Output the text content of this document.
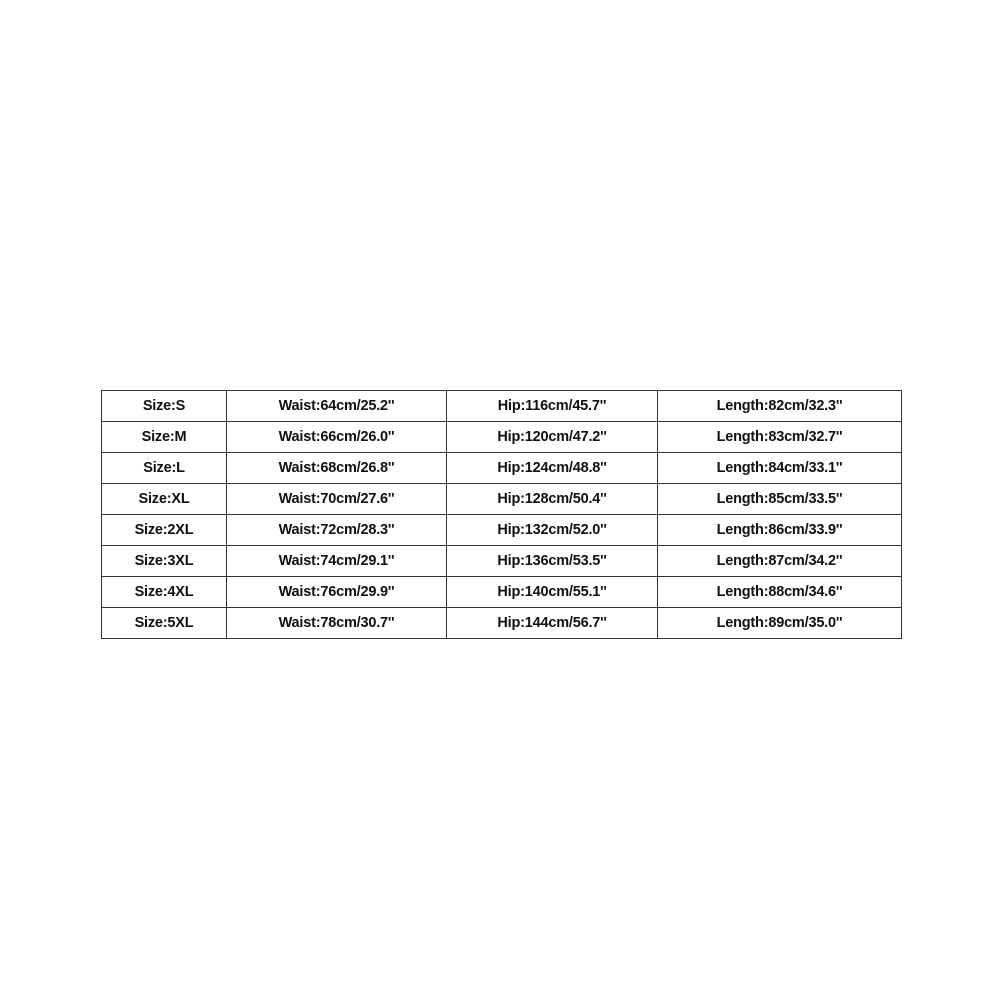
Size:S	Waist:64cm/25.2''	Hip:116cm/45.7''	Length:82cm/32.3''
Size:M	Waist:66cm/26.0''	Hip:120cm/47.2''	Length:83cm/32.7''
Size:L	Waist:68cm/26.8''	Hip:124cm/48.8''	Length:84cm/33.1''
Size:XL	Waist:70cm/27.6''	Hip:128cm/50.4''	Length:85cm/33.5''
Size:2XL	Waist:72cm/28.3''	Hip:132cm/52.0''	Length:86cm/33.9''
Size:3XL	Waist:74cm/29.1''	Hip:136cm/53.5''	Length:87cm/34.2''
Size:4XL	Waist:76cm/29.9''	Hip:140cm/55.1''	Length:88cm/34.6''
Size:5XL	Waist:78cm/30.7''	Hip:144cm/56.7''	Length:89cm/35.0''
